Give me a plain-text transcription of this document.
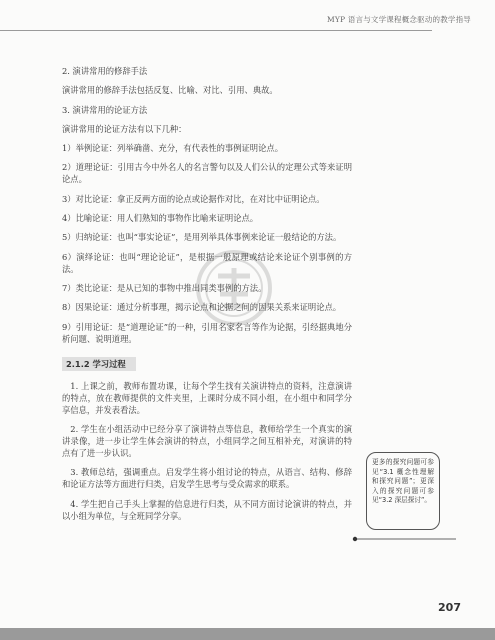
MYP 语言与文学课程概念驱动的教学指导

2. 演讲常用的修辞手法

演讲常用的修辞手法包括反复、比喻、对比、引用、典故。

3. 演讲常用的论证方法

演讲常用的论证方法有以下几种：

1）举例论证：列举确凿、充分，有代表性的事例证明论点。

2）道理论证：引用古今中外名人的名言警句以及人们公认的定理公式等来证明论点。

3）对比论证：拿正反两方面的论点或论据作对比，在对比中证明论点。

4）比喻论证：用人们熟知的事物作比喻来证明论点。

5）归纳论证：也叫“事实论证”，是用列举具体事例来论证一般结论的方法。

6）演绎论证：也叫“理论论证”，是根据一般原理或结论来论证个别事例的方法。

7）类比论证：是从已知的事物中推出同类事例的方法。

8）因果论证：通过分析事理，揭示论点和论据之间的因果关系来证明论点。

9）引用论证：是“道理论证”的一种，引用名家名言等作为论据，引经据典地分析问题、说明道理。

2.1.2 学习过程

1. 上课之前，教师布置功课，让每个学生找有关演讲特点的资料，注意演讲的特点，放在教师提供的文件夹里，上课时分成不同小组，在小组中和同学分享信息，并发表看法。

2. 学生在小组活动中已经分享了演讲特点等信息，教师给学生一个真实的演讲录像，进一步让学生体会演讲的特点，小组同学之间互相补充，对演讲的特点有了进一步认识。

3. 教师总结，强调重点。启发学生将小组讨论的特点，从语言、结构、修辞和论证方法等方面进行归类，启发学生思考与受众需求的联系。

4. 学生把自己手头上掌握的信息进行归类，从不同方面讨论演讲的特点，并以小组为单位，与全班同学分享。

更多的探究问题可参见“3.1 概念性理解和探究问题”；更深入的探究问题可参见“3.2 深层探讨”。

207
